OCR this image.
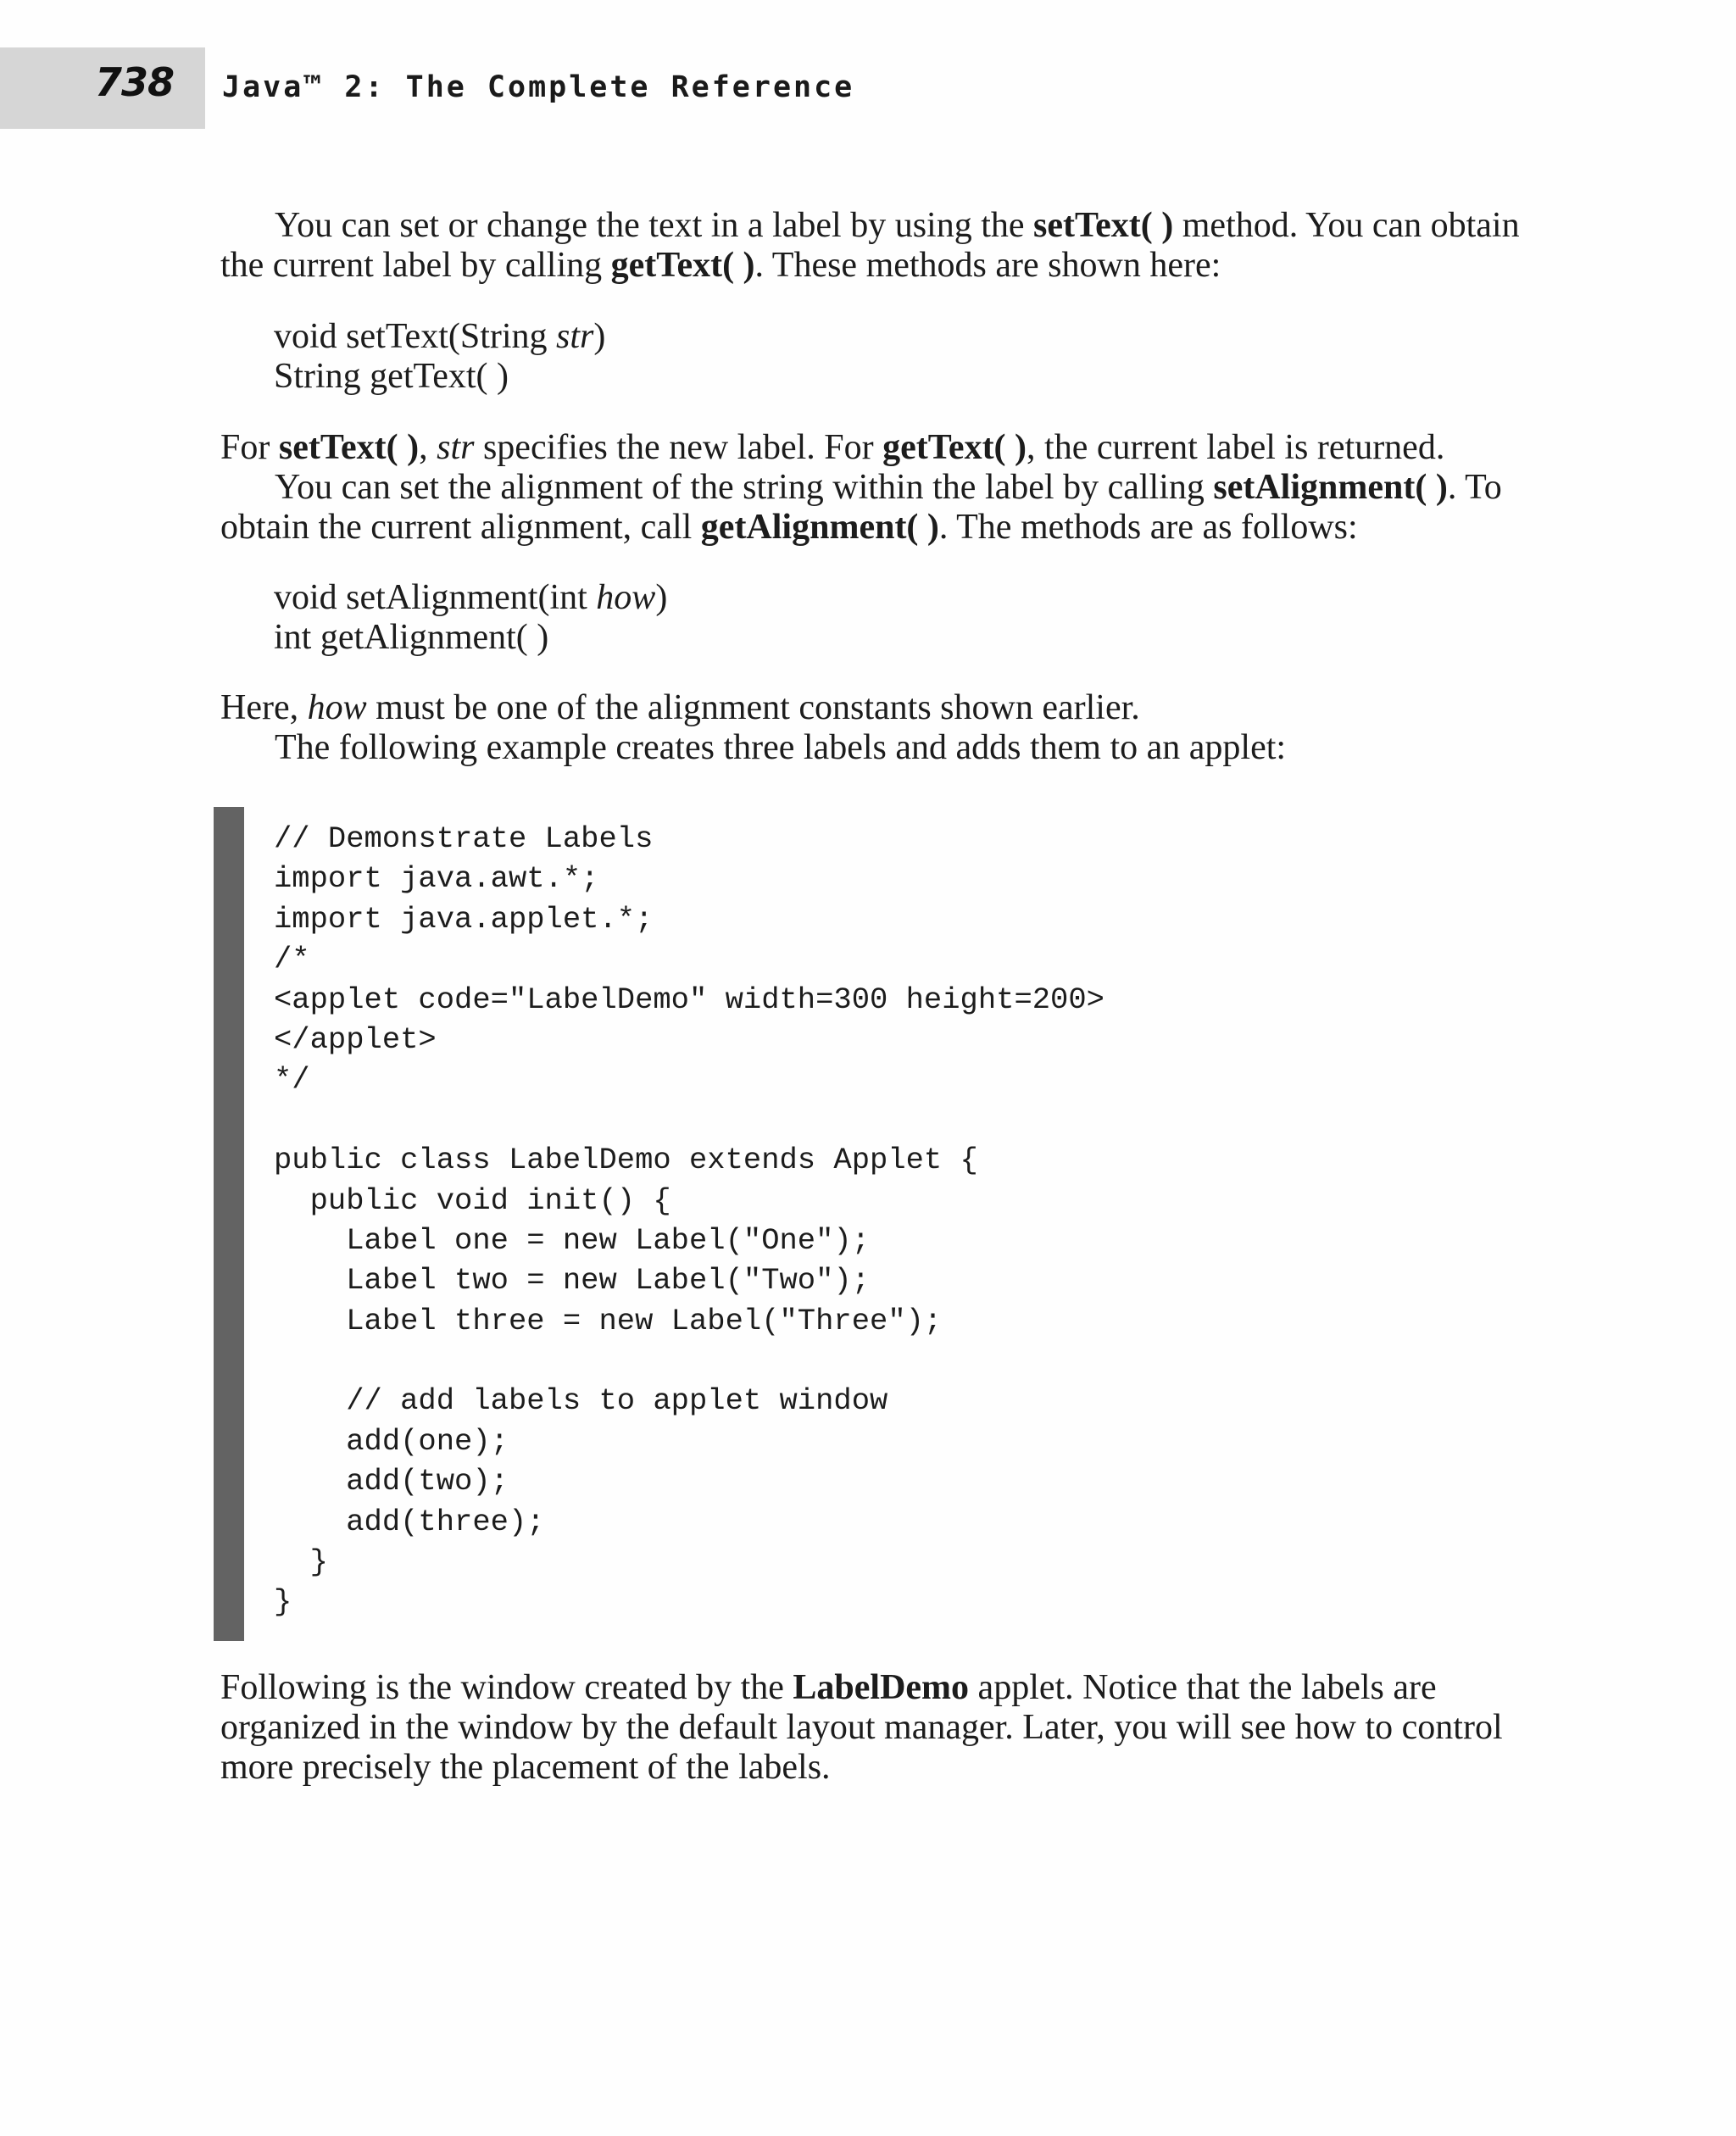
738 Java™ 2: The Complete Reference

You can set or change the text in a label by using the setText( ) method. You can obtain the current label by calling getText( ). These methods are shown here:

void setText(String str)
String getText( )

For setText( ), str specifies the new label. For getText( ), the current label is returned.

You can set the alignment of the string within the label by calling setAlignment( ). To obtain the current alignment, call getAlignment( ). The methods are as follows:

void setAlignment(int how)
int getAlignment( )

Here, how must be one of the alignment constants shown earlier.

The following example creates three labels and adds them to an applet:

// Demonstrate Labels
import java.awt.*;
import java.applet.*;
/*
<applet code="LabelDemo" width=300 height=200>
</applet>
*/
public class LabelDemo extends Applet {
public void init() {
Label one = new Label("One");
Label two = new Label("Two");
Label three = new Label("Three");
// add labels to applet window
add(one);
add(two);
add(three);
}
}

Following is the window created by the LabelDemo applet. Notice that the labels are organized in the window by the default layout manager. Later, you will see how to control more precisely the placement of the labels.
